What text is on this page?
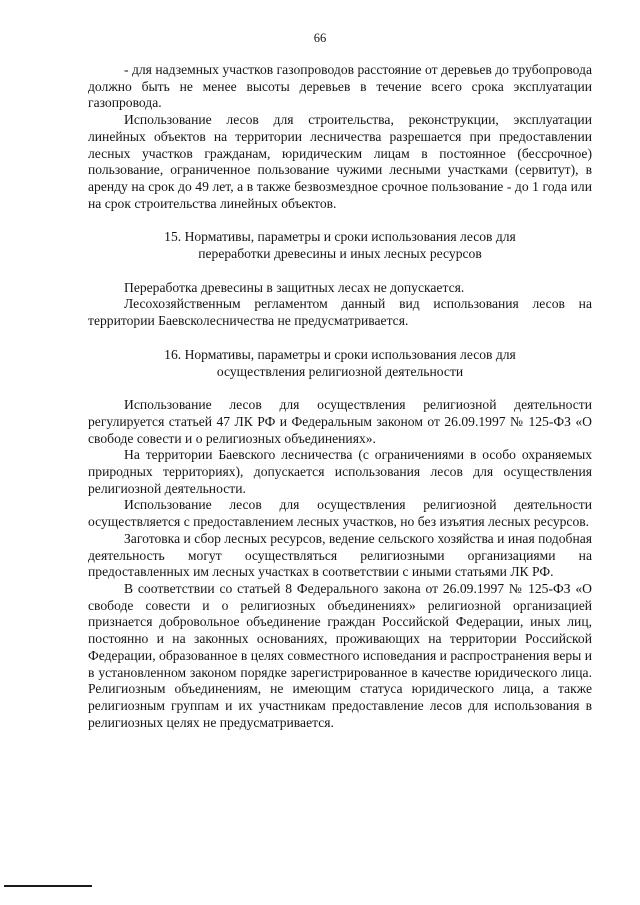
66

- для надземных участков газопроводов расстояние от деревьев до трубопровода должно быть не менее высоты деревьев в течение всего срока эксплуатации газопровода.

Использование лесов для строительства, реконструкции, эксплуатации линейных объектов на территории лесничества разрешается при предоставлении лесных участков гражданам, юридическим лицам в постоянное (бессрочное) пользование, ограниченное пользование чужими лесными участками (сервитут), в аренду на срок до 49 лет, а в также безвозмездное срочное пользование - до 1 года или на срок строительства линейных объектов.

15. Нормативы, параметры и сроки использования лесов для
переработки древесины и иных лесных ресурсов

Переработка древесины в защитных лесах не допускается.

Лесохозяйственным регламентом данный вид использования лесов на территории Баевсколесничества не предусматривается.

16. Нормативы, параметры и сроки использования лесов для
осуществления религиозной деятельности

Использование лесов для осуществления религиозной деятельности регулируется статьей 47 ЛК РФ и Федеральным законом от 26.09.1997 № 125-ФЗ «О свободе совести и о религиозных объединениях».

На территории Баевского лесничества (с ограничениями в особо охраняемых природных территориях), допускается использования лесов для осуществления религиозной деятельности.

Использование лесов для осуществления религиозной деятельности осуществляется с предоставлением лесных участков, но без изъятия лесных ресурсов.

Заготовка и сбор лесных ресурсов, ведение сельского хозяйства и иная подобная деятельность могут осуществляться религиозными организациями на предоставленных им лесных участках в соответствии с иными статьями ЛК РФ.

В соответствии со статьей 8 Федерального закона от 26.09.1997 № 125-ФЗ «О свободе совести и о религиозных объединениях» религиозной организацией признается добровольное объединение граждан Российской Федерации, иных лиц, постоянно и на законных основаниях, проживающих на территории Российской Федерации, образованное в целях совместного исповедания и распространения веры и в установленном законом порядке зарегистрированное в качестве юридического лица. Религиозным объединениям, не имеющим статуса юридического лица, а также религиозным группам и их участникам предоставление лесов для использования в религиозных целях не предусматривается.
